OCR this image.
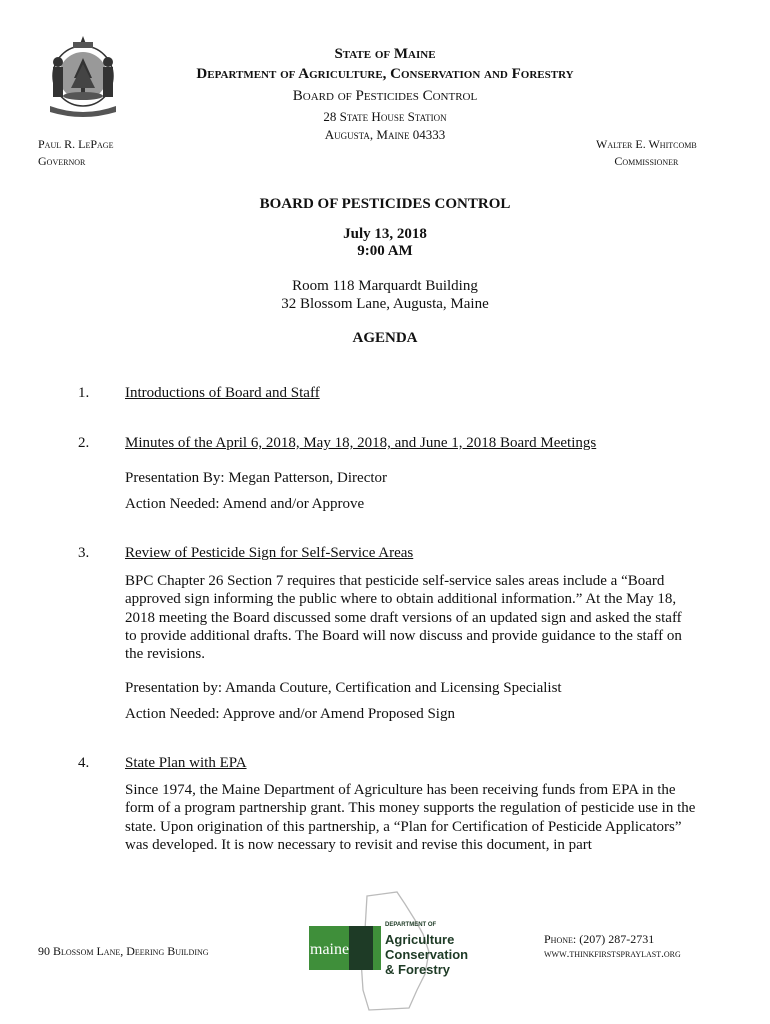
State of Maine
Department of Agriculture, Conservation and Forestry
Board of Pesticides Control
28 State House Station
Augusta, Maine 04333
Paul R. LePage
Governor
Walter E. Whitcomb
Commissioner
BOARD OF PESTICIDES CONTROL
July 13, 2018
9:00 AM
Room 118 Marquardt Building
32 Blossom Lane, Augusta, Maine
AGENDA
1. Introductions of Board and Staff
2. Minutes of the April 6, 2018, May 18, 2018, and June 1, 2018 Board Meetings
Presentation By: Megan Patterson, Director
Action Needed: Amend and/or Approve
3. Review of Pesticide Sign for Self-Service Areas
BPC Chapter 26 Section 7 requires that pesticide self-service sales areas include a “Board approved sign informing the public where to obtain additional information.” At the May 18, 2018 meeting the Board discussed some draft versions of an updated sign and asked the staff to provide additional drafts. The Board will now discuss and provide guidance to the staff on the revisions.
Presentation by: Amanda Couture, Certification and Licensing Specialist
Action Needed: Approve and/or Amend Proposed Sign
4. State Plan with EPA
Since 1974, the Maine Department of Agriculture has been receiving funds from EPA in the form of a program partnership grant. This money supports the regulation of pesticide use in the state. Upon origination of this partnership, a “Plan for Certification of Pesticide Applicators” was developed. It is now necessary to revisit and revise this document, in part
90 Blossom Lane, Deering Building	maine
DEPARTMENT OF
Agriculture
Conservation
& Forestry
Phone: (207) 287-2731
www.thinkfirstspraylast.org
